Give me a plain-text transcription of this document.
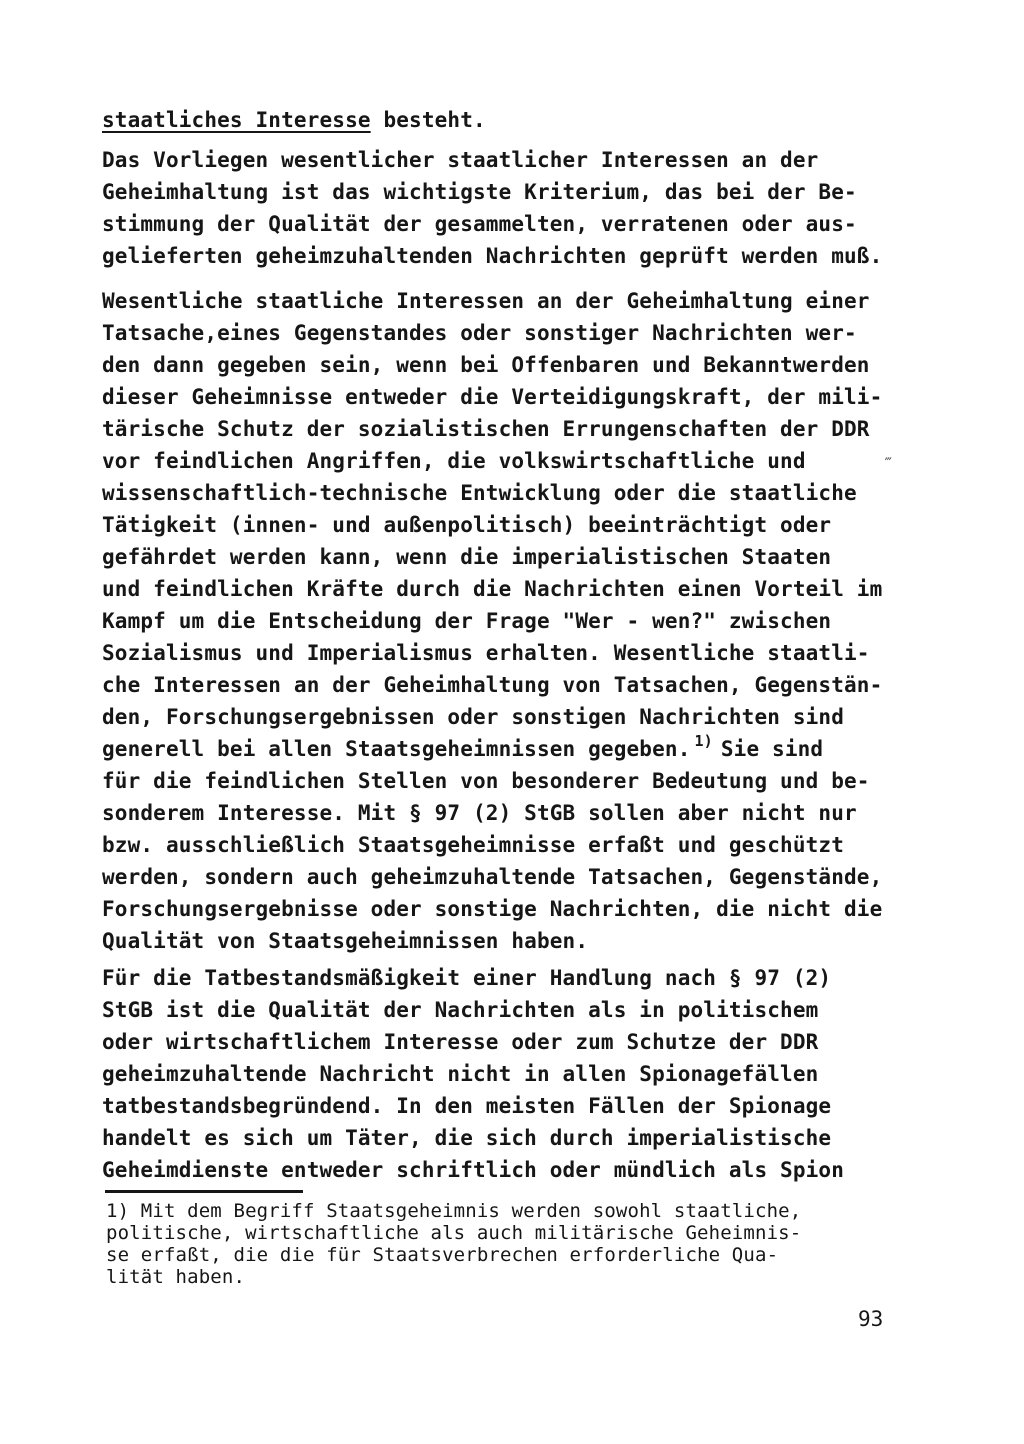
staatliches Interesse besteht.
Das Vorliegen wesentlicher staatlicher Interessen an der
Geheimhaltung ist das wichtigste Kriterium, das bei der Be-
stimmung der Qualität der gesammelten, verratenen oder aus-
gelieferten geheimzuhaltenden Nachrichten geprüft werden muß.
Wesentliche staatliche Interessen an der Geheimhaltung einer
Tatsache,eines Gegenstandes oder sonstiger Nachrichten wer-
den dann gegeben sein, wenn bei Offenbaren und Bekanntwerden
dieser Geheimnisse entweder die Verteidigungskraft, der mili-
tärische Schutz der sozialistischen Errungenschaften der DDR
vor feindlichen Angriffen, die volkswirtschaftliche und
wissenschaftlich-technische Entwicklung oder die staatliche
Tätigkeit (innen- und außenpolitisch) beeinträchtigt oder
gefährdet werden kann, wenn die imperialistischen Staaten
und feindlichen Kräfte durch die Nachrichten einen Vorteil im
Kampf um die Entscheidung der Frage "Wer - wen?" zwischen
Sozialismus und Imperialismus erhalten. Wesentliche staatli-
che Interessen an der Geheimhaltung von Tatsachen, Gegenstän-
den, Forschungsergebnissen oder sonstigen Nachrichten sind
generell bei allen Staatsgeheimnissen gegeben. $^{1)}$ Sie sind
für die feindlichen Stellen von besonderer Bedeutung und be-
sonderem Interesse. Mit § 97 (2) StGB sollen aber nicht nur
bzw. ausschließlich Staatsgeheimnisse erfaßt und geschützt
werden, sondern auch geheimzuhaltende Tatsachen, Gegenstände,
Forschungsergebnisse oder sonstige Nachrichten, die nicht die
Qualität von Staatsgeheimnissen haben.
‴
Für die Tatbestandsmäßigkeit einer Handlung nach § 97 (2)
StGB ist die Qualität der Nachrichten als in politischem
oder wirtschaftlichem Interesse oder zum Schutze der DDR
geheimzuhaltende Nachricht nicht in allen Spionagefällen
tatbestandsbegründend. In den meisten Fällen der Spionage
handelt es sich um Täter, die sich durch imperialistische
Geheimdienste entweder schriftlich oder mündlich als Spion
1) Mit dem Begriff Staatsgeheimnis werden sowohl staatliche,
politische, wirtschaftliche als auch militärische Geheimnis-
se erfaßt, die die für Staatsverbrechen erforderliche Qua-
lität haben.
93
